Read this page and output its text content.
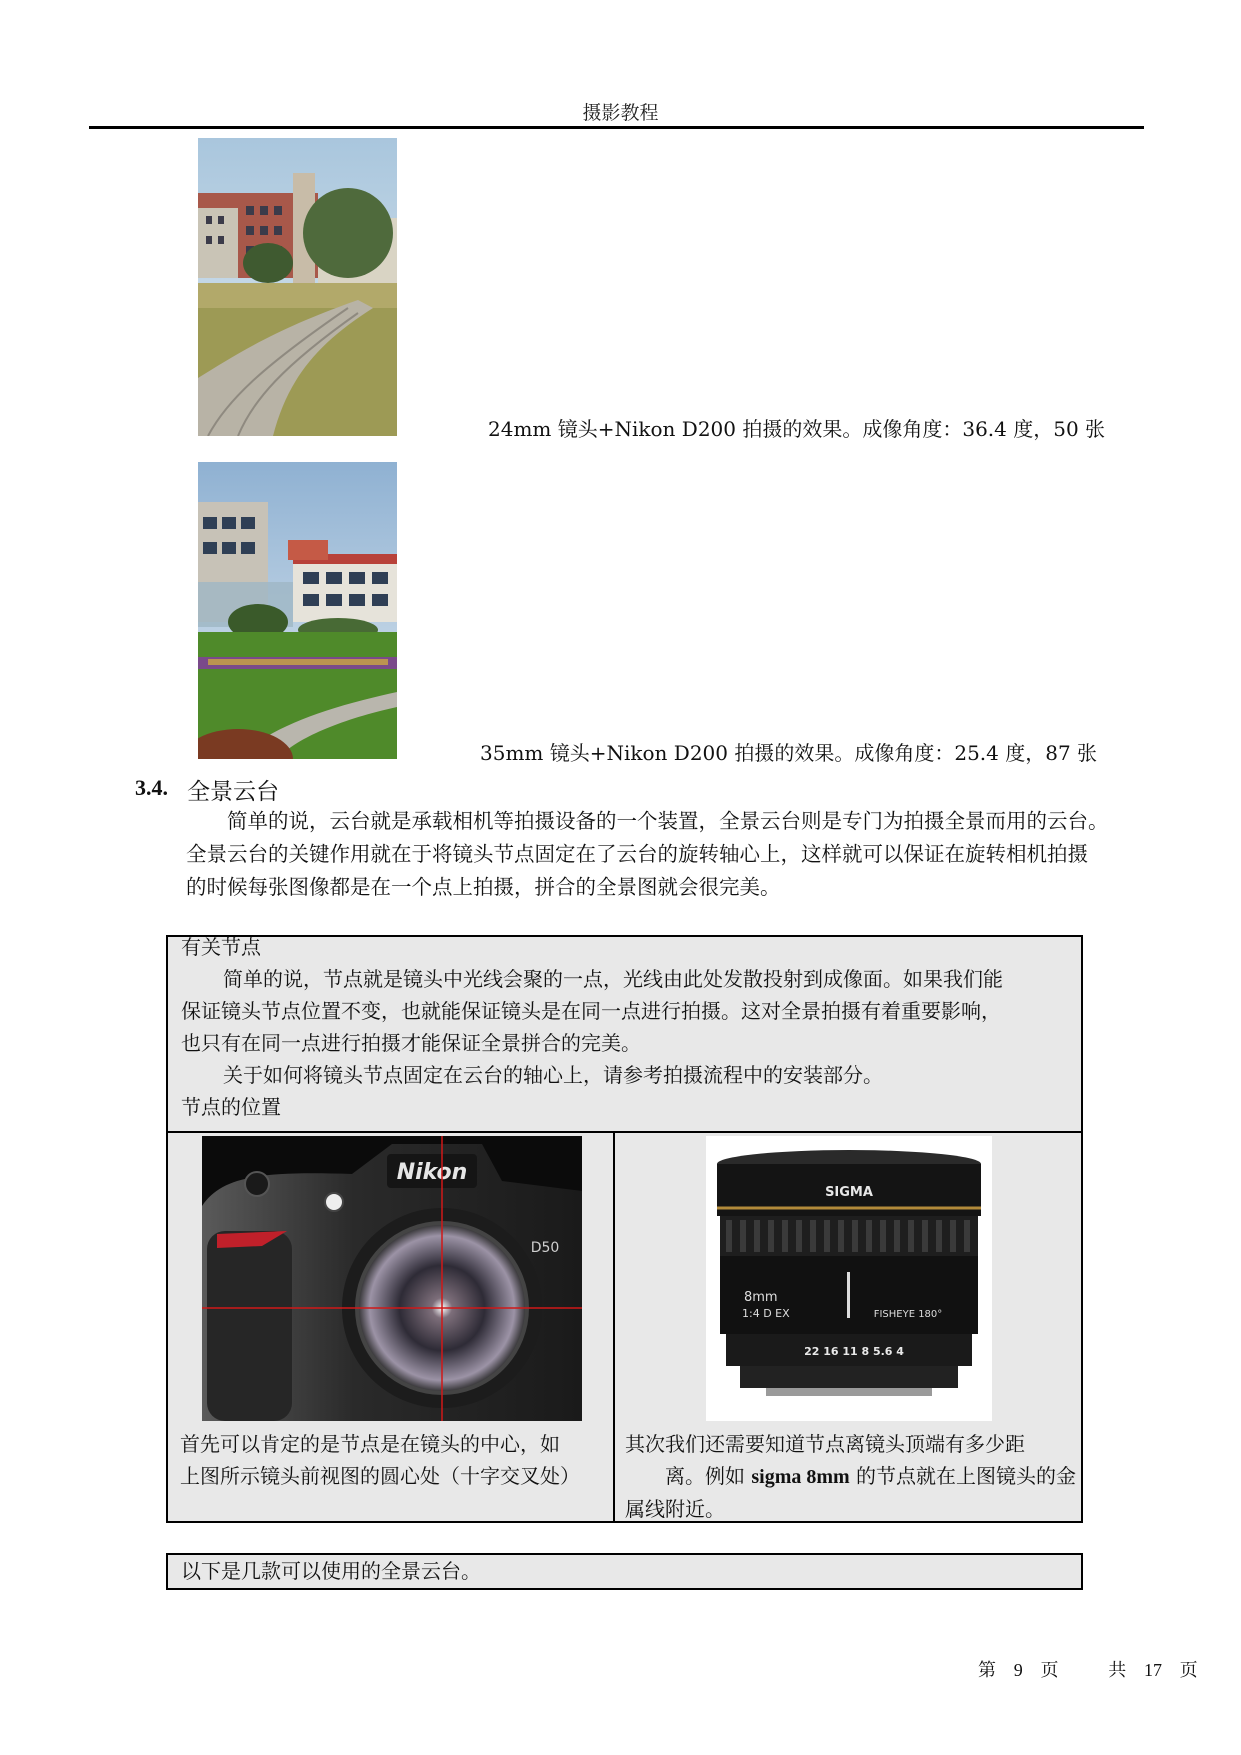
摄影教程
24mm 镜头+Nikon D200 拍摄的效果。成像角度：36.4 度，50 张
35mm 镜头+Nikon D200 拍摄的效果。成像角度：25.4 度，87 张
3.4. 全景云台
简单的说，云台就是承载相机等拍摄设备的一个装置，全景云台则是专门为拍摄全景而用的云台。
全景云台的关键作用就在于将镜头节点固定在了云台的旋转轴心上，这样就可以保证在旋转相机拍摄
的时候每张图像都是在一个点上拍摄，拼合的全景图就会很完美。
有关节点
简单的说，节点就是镜头中光线会聚的一点，光线由此处发散投射到成像面。如果我们能
保证镜头节点位置不变，也就能保证镜头是在同一点进行拍摄。这对全景拍摄有着重要影响，
也只有在同一点进行拍摄才能保证全景拼合的完美。
关于如何将镜头节点固定在云台的轴心上，请参考拍摄流程中的安装部分。
节点的位置
Nikon
D50
SIGMA
8mm
1:4 D EX	FISHEYE 180°
22 16 11 8 5.6 4
首先可以肯定的是节点是在镜头的中心，如
上图所示镜头前视图的圆心处（十字交叉处）
其次我们还需要知道节点离镜头顶端有多少距
离。例如 sigma 8mm 的节点就在上图镜头的金
属线附近。
以下是几款可以使用的全景云台。
第 9 页	共 17 页
